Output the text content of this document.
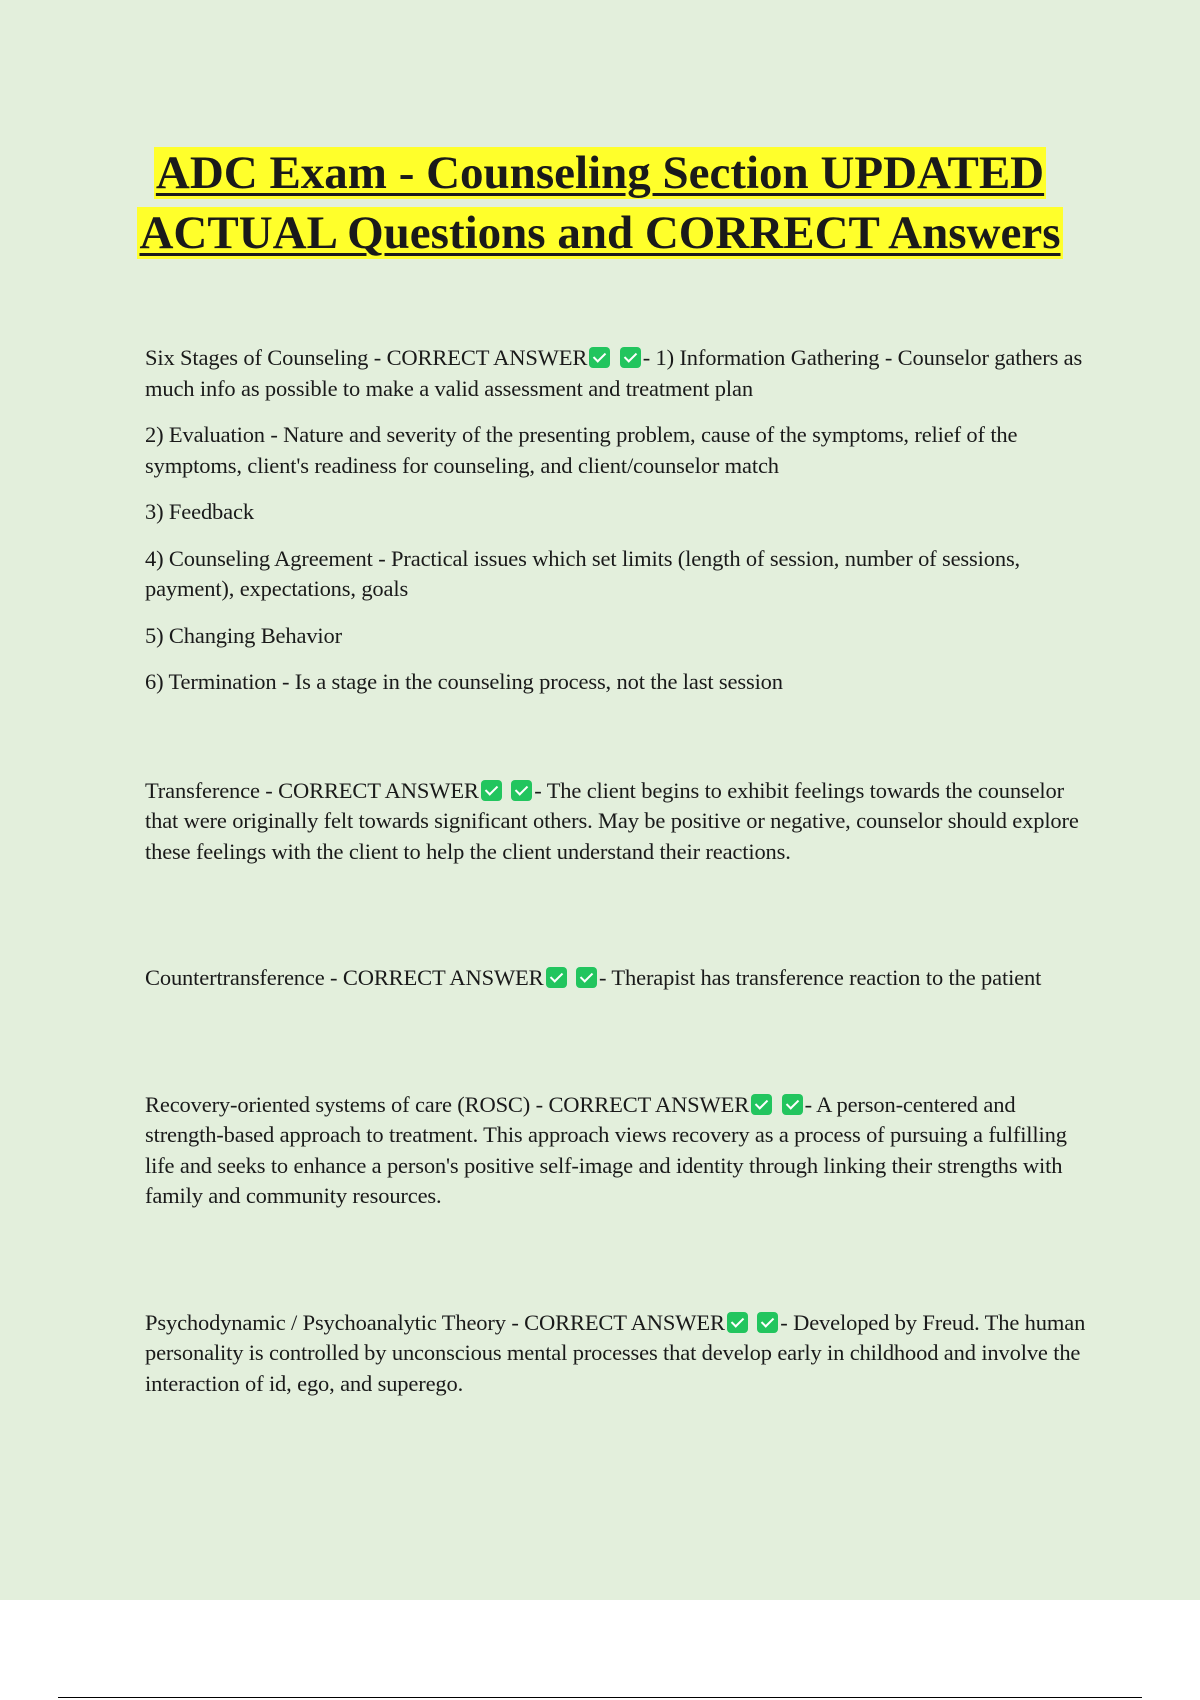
ADC Exam - Counseling Section UPDATED ACTUAL Questions and CORRECT Answers

Six Stages of Counseling - CORRECT ANSWER - 1) Information Gathering - Counselor gathers as much info as possible to make a valid assessment and treatment plan

2) Evaluation - Nature and severity of the presenting problem, cause of the symptoms, relief of the symptoms, client's readiness for counseling, and client/counselor match

3) Feedback

4) Counseling Agreement - Practical issues which set limits (length of session, number of sessions, payment), expectations, goals

5) Changing Behavior

6) Termination - Is a stage in the counseling process, not the last session

Transference - CORRECT ANSWER - The client begins to exhibit feelings towards the counselor that were originally felt towards significant others. May be positive or negative, counselor should explore these feelings with the client to help the client understand their reactions.

Countertransference - CORRECT ANSWER - Therapist has transference reaction to the patient

Recovery-oriented systems of care (ROSC) - CORRECT ANSWER - A person-centered and strength-based approach to treatment. This approach views recovery as a process of pursuing a fulfilling life and seeks to enhance a person's positive self-image and identity through linking their strengths with family and community resources.

Psychodynamic / Psychoanalytic Theory - CORRECT ANSWER - Developed by Freud. The human personality is controlled by unconscious mental processes that develop early in childhood and involve the interaction of id, ego, and superego.
